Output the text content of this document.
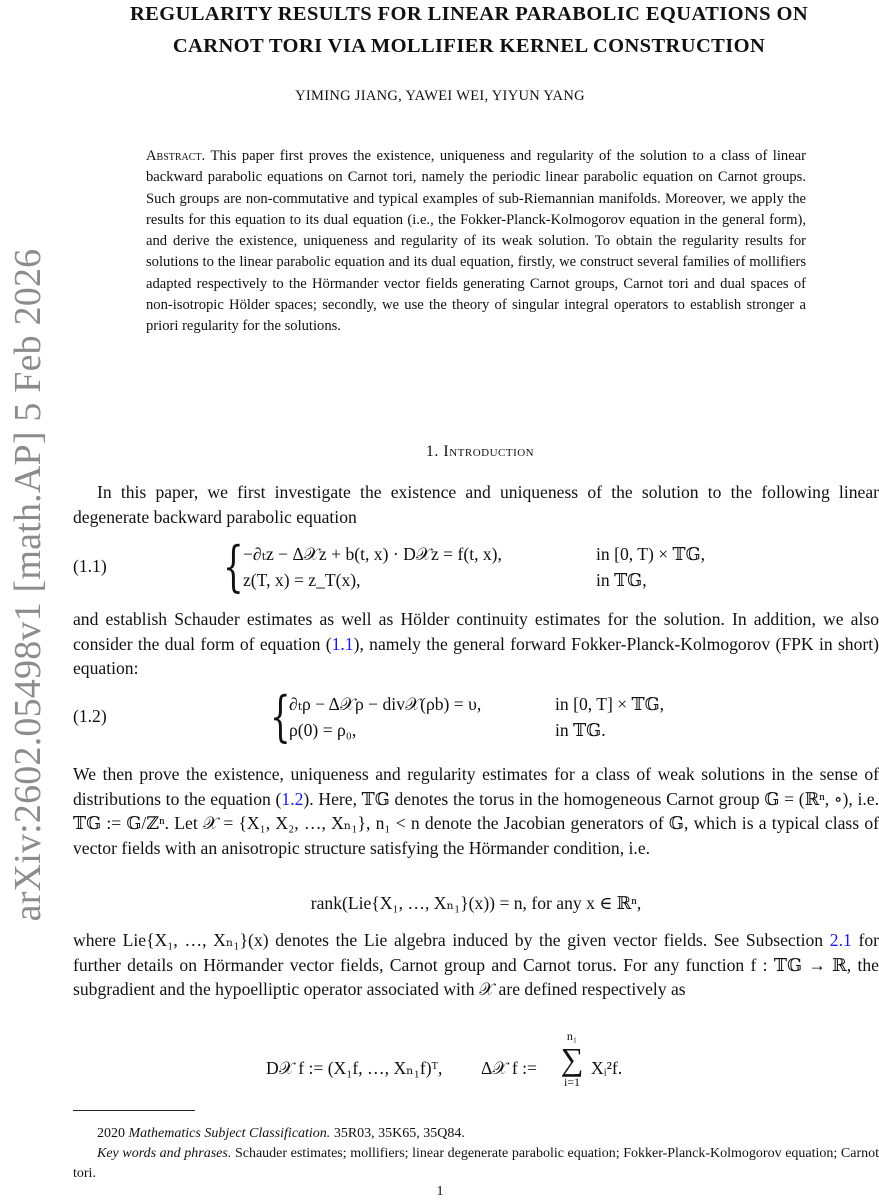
arXiv:2602.05498v1 [math.AP] 5 Feb 2026
REGULARITY RESULTS FOR LINEAR PARABOLIC EQUATIONS ON
CARNOT TORI VIA MOLLIFIER KERNEL CONSTRUCTION
YIMING JIANG, YAWEI WEI, YIYUN YANG
Abstract. This paper first proves the existence, uniqueness and regularity of the solution to a class of linear backward parabolic equations on Carnot tori, namely the periodic linear parabolic equation on Carnot groups. Such groups are non-commutative and typical examples of sub-Riemannian manifolds. Moreover, we apply the results for this equation to its dual equation (i.e., the Fokker-Planck-Kolmogorov equation in the general form), and derive the existence, uniqueness and regularity of its weak solution. To obtain the regularity results for solutions to the linear parabolic equation and its dual equation, firstly, we construct several families of mollifiers adapted respectively to the Hörmander vector fields generating Carnot groups, Carnot tori and dual spaces of non-isotropic Hölder spaces; secondly, we use the theory of singular integral operators to establish stronger a priori regularity for the solutions.
1. Introduction
In this paper, we first investigate the existence and uniqueness of the solution to the following linear degenerate backward parabolic equation
(1.1) { −∂ₜz − Δ𝒳z + b(t, x) · D𝒳z = f(t, x),	in [0, T) × 𝕋𝔾,
z(T, x) = z_T(x),	in 𝕋𝔾,
and establish Schauder estimates as well as Hölder continuity estimates for the solution. In addition, we also consider the dual form of equation (1.1), namely the general forward Fokker-Planck-Kolmogorov (FPK in short) equation:
(1.2)	{
∂ₜρ − Δ𝒳ρ − div𝒳(ρb) = υ,	in [0, T] × 𝕋𝔾,
ρ(0) = ρ₀,	in 𝕋𝔾.
We then prove the existence, uniqueness and regularity estimates for a class of weak solutions in the sense of distributions to the equation (1.2). Here, 𝕋𝔾 denotes the torus in the homogeneous Carnot group 𝔾 = (ℝⁿ, ∘), i.e. 𝕋𝔾 := 𝔾/ℤⁿ. Let 𝒳 = {X₁, X₂, …, Xₙ₁}, n₁ < n denote the Jacobian generators of 𝔾, which is a typical class of vector fields with an anisotropic structure satisfying the Hörmander condition, i.e.
rank(Lie{X₁, …, Xₙ₁}(x)) = n, for any x ∈ ℝⁿ,
where Lie{X₁, …, Xₙ₁}(x) denotes the Lie algebra induced by the given vector fields. See Subsection 2.1 for further details on Hörmander vector fields, Carnot group and Carnot torus. For any function f : 𝕋𝔾 → ℝ, the subgradient and the hypoelliptic operator associated with 𝒳 are defined respectively as
D𝒳 f := (X₁f, …, Xₙ₁f)ᵀ, Δ𝒳 f :=
n₁
∑
i=1
Xᵢ²f.
2020 Mathematics Subject Classification. 35R03, 35K65, 35Q84.
Key words and phrases. Schauder estimates; mollifiers; linear degenerate parabolic equation; Fokker-Planck-Kolmogorov equation; Carnot tori.
1
